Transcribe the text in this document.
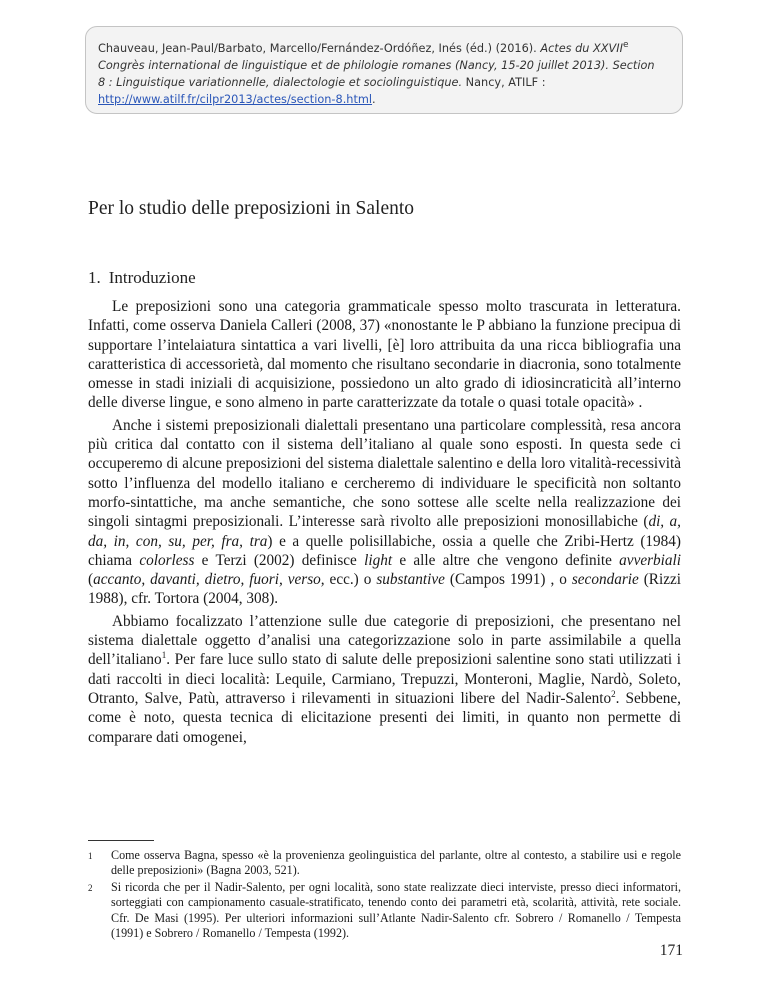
Chauveau, Jean-Paul/Barbato, Marcello/Fernández-Ordóñez, Inés (éd.) (2016). Actes du XXVIIe
Congrès international de linguistique et de philologie romanes (Nancy, 15-20 juillet 2013). Section
8 : Linguistique variationnelle, dialectologie et sociolinguistique. Nancy, ATILF :
http://www.atilf.fr/cilpr2013/actes/section-8.html.
Per lo studio delle preposizioni in Salento
1. Introduzione

Le preposizioni sono una categoria grammaticale spesso molto trascurata in letteratura. Infatti, come osserva Daniela Calleri (2008, 37) «nonostante le P abbiano la funzione precipua di supportare l’intelaiatura sintattica a vari livelli, [è] loro attribuita da una ricca bibliografia una caratteristica di accessorietà, dal momento che risultano secondarie in diacronia, sono totalmente omesse in stadi iniziali di acquisizione, possiedono un alto grado di idiosincraticità all’interno delle diverse lingue, e sono almeno in parte caratterizzate da totale o quasi totale opacità» .

Anche i sistemi preposizionali dialettali presentano una particolare complessità, resa ancora più critica dal contatto con il sistema dell’italiano al quale sono esposti. In questa sede ci occuperemo di alcune preposizioni del sistema dialettale salentino e della loro vitalità-recessività sotto l’influenza del modello italiano e cercheremo di individuare le specificità non soltanto morfo-sintattiche, ma anche semantiche, che sono sottese alle scelte nella realizzazione dei singoli sintagmi preposizionali. L’interesse sarà rivolto alle preposizioni monosillabiche (di, a, da, in, con, su, per, fra, tra) e a quelle polisillabiche, ossia a quelle che Zribi-Hertz (1984) chiama colorless e Terzi (2002) definisce light e alle altre che vengono definite avverbiali (accanto, davanti, dietro, fuori, verso, ecc.) o substantive (Campos 1991) , o secondarie (Rizzi 1988), cfr. Tortora (2004, 308).

Abbiamo focalizzato l’attenzione sulle due categorie di preposizioni, che presentano nel sistema dialettale oggetto d’analisi una categorizzazione solo in parte assimilabile a quella dell’italiano$^1$. Per fare luce sullo stato di salute delle preposizioni salentine sono stati utilizzati i dati raccolti in dieci località: Lequile, Carmiano, Trepuzzi, Monteroni, Maglie, Nardò, Soleto, Otranto, Salve, Patù, attraverso i rilevamenti in situazioni libere del Nadir-Salento$^2$. Sebbene, come è noto, questa tecnica di elicitazione presenti dei limiti, in quanto non permette di comparare dati omogenei,

1 Come osserva Bagna, spesso «è la provenienza geolinguistica del parlante, oltre al contesto, a stabilire usi e regole delle preposizioni» (Bagna 2003, 521).
2 Si ricorda che per il Nadir-Salento, per ogni località, sono state realizzate dieci interviste, presso dieci informatori, sorteggiati con campionamento casuale-stratificato, tenendo conto dei parametri età, scolarità, attività, rete sociale. Cfr. De Masi (1995). Per ulteriori informazioni sull’Atlante Nadir-Salento cfr. Sobrero / Romanello / Tempesta (1991) e Sobrero / Romanello / Tempesta (1992).
171
